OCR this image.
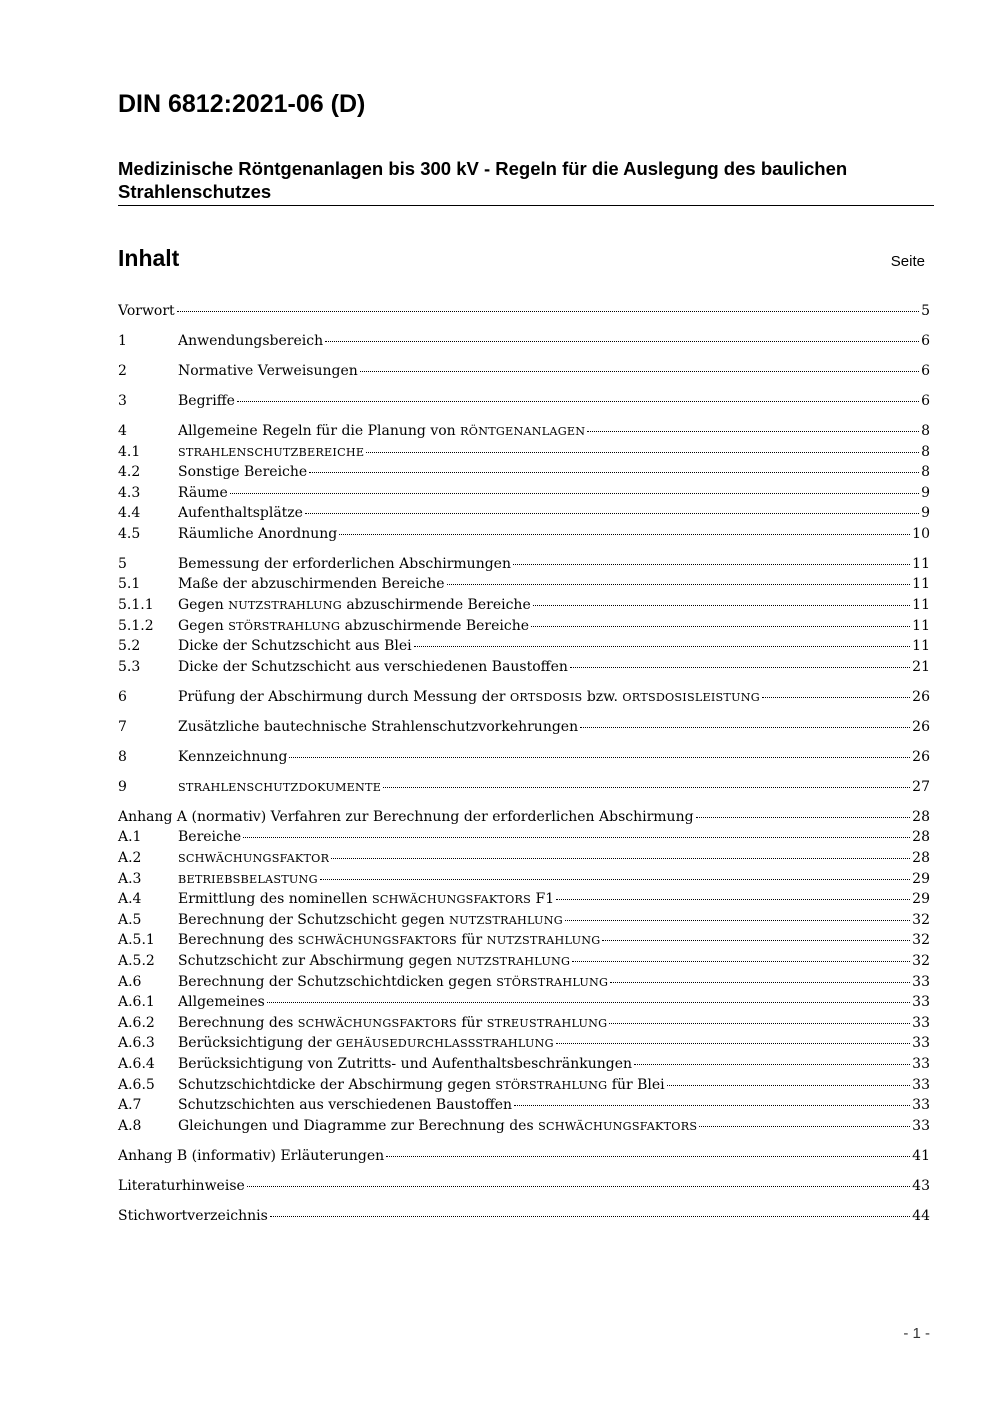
DIN 6812:2021-06 (D)
Medizinische Röntgenanlagen bis 300 kV - Regeln für die Auslegung des baulichen Strahlenschutzes
Inhalt	Seite
Vorwort	5
1	Anwendungsbereich	6
2	Normative Verweisungen	6
3	Begriffe	6
4	Allgemeine Regeln für die Planung von RÖNTGENANLAGEN	8
4.1	STRAHLENSCHUTZBEREICHE	8
4.2	Sonstige Bereiche	8
4.3	Räume	9
4.4	Aufenthaltsplätze	9
4.5	Räumliche Anordnung	10
5	Bemessung der erforderlichen Abschirmungen	11
5.1	Maße der abzuschirmenden Bereiche	11
5.1.1	Gegen NUTZSTRAHLUNG abzuschirmende Bereiche	11
5.1.2	Gegen STÖRSTRAHLUNG abzuschirmende Bereiche	11
5.2	Dicke der Schutzschicht aus Blei	11
5.3	Dicke der Schutzschicht aus verschiedenen Baustoffen	21
6	Prüfung der Abschirmung durch Messung der ORTSDOSIS bzw. ORTSDOSISLEISTUNG	26
7	Zusätzliche bautechnische Strahlenschutzvorkehrungen	26
8	Kennzeichnung	26
9	STRAHLENSCHUTZDOKUMENTE	27
Anhang A (normativ) Verfahren zur Berechnung der erforderlichen Abschirmung	28
A.1	Bereiche	28
A.2	SCHWÄCHUNGSFAKTOR	28
A.3	BETRIEBSBELASTUNG	29
A.4	Ermittlung des nominellen SCHWÄCHUNGSFAKTORS F1	29
A.5	Berechnung der Schutzschicht gegen NUTZSTRAHLUNG	32
A.5.1	Berechnung des SCHWÄCHUNGSFAKTORS für NUTZSTRAHLUNG	32
A.5.2	Schutzschicht zur Abschirmung gegen NUTZSTRAHLUNG	32
A.6	Berechnung der Schutzschichtdicken gegen STÖRSTRAHLUNG	33
A.6.1	Allgemeines	33
A.6.2	Berechnung des SCHWÄCHUNGSFAKTORS für STREUSTRAHLUNG	33
A.6.3	Berücksichtigung der GEHÄUSEDURCHLASSSTRAHLUNG	33
A.6.4	Berücksichtigung von Zutritts- und Aufenthaltsbeschränkungen	33
A.6.5	Schutzschichtdicke der Abschirmung gegen STÖRSTRAHLUNG für Blei	33
A.7	Schutzschichten aus verschiedenen Baustoffen	33
A.8	Gleichungen und Diagramme zur Berechnung des SCHWÄCHUNGSFAKTORS	33
Anhang B (informativ) Erläuterungen	41
Literaturhinweise	43
Stichwortverzeichnis	44
- 1 -
